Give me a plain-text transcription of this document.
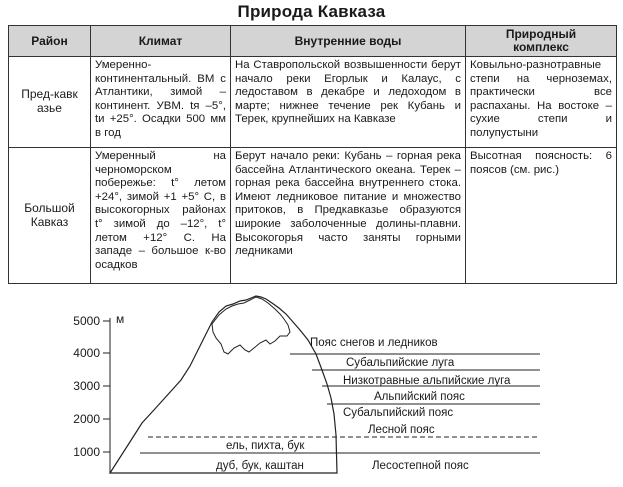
Природа Кавказа
Район	Климат	Внутренние воды	Природный комплекс
Пред-кавказье	Умеренно-континентальный. ВМ с Атлантики, зимой – континент. УВМ. tя –5°, tи +25°. Осадки 500 мм в год	На Ставропольской возвышенности берут начало реки Егорлык и Калаус, с ледоставом в декабре и ледоходом в марте; нижнее течение рек Кубань и Терек, крупнейших на Кавказе	Ковыльно-разнотравные степи на черноземах, практически все распаханы. На востоке – сухие степи и полупустыни
Большой Кавказ	Умеренный на черноморском побережье: t° летом +24°, зимой +1 +5° С, в высокогорных районах t° зимой до –12°, t° летом +12° С. На западе – большое к-во осадков	Берут начало реки: Кубань – горная река бассейна Атлантического океана. Терек – горная река бассейна внутреннего стока. Имеют ледниковое питание и множество притоков, в Предкавказье образуются широкие заболоченные долины-плавни. Высокогорья часто заняты горными ледниками	Высотная поясность: 6 поясов (см. рис.)
5000
4000
3000
2000
1000
м
Пояс снегов и ледников
Субальпийские луга
Низкотравные альпийские луга
Альпийский пояс
Субальпийский пояс
Лесной пояс
Лесостепной пояс
ель, пихта, бук
дуб, бук, каштан
